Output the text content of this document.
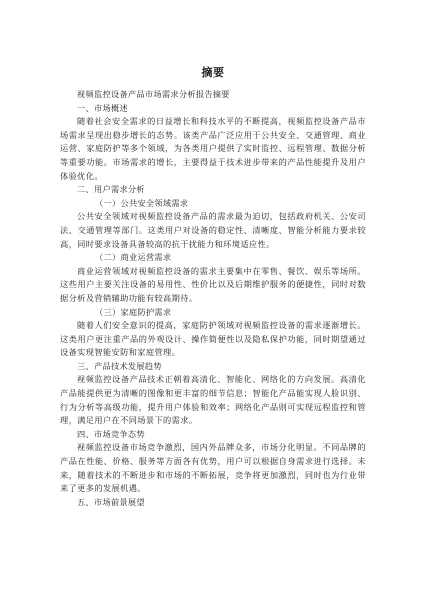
摘要
视频监控设备产品市场需求分析报告摘要
一、市场概述

随着社会安全需求的日益增长和科技水平的不断提高，视频监控设备产品市场需求呈现出稳步增长的态势。该类产品广泛应用于公共安全、交通管理、商业运营、家庭防护等多个领域，为各类用户提供了实时监控、远程管理、数据分析等重要功能。市场需求的增长，主要得益于技术进步带来的产品性能提升及用户体验优化。

二、用户需求分析
（一）公共安全领域需求

公共安全领域对视频监控设备产品的需求最为迫切，包括政府机关、公安司法、交通管理等部门。这类用户对设备的稳定性、清晰度、智能分析能力要求较高，同时要求设备具备较高的抗干扰能力和环境适应性。

（二）商业运营需求

商业运营领域对视频监控设备的需求主要集中在零售、餐饮、娱乐等场所。这些用户主要关注设备的易用性、性价比以及后期维护服务的便捷性，同时对数据分析及营销辅助功能有较高期待。

（三）家庭防护需求

随着人们安全意识的提高，家庭防护领域对视频监控设备的需求逐渐增长。这类用户更注重产品的外观设计、操作简便性以及隐私保护功能，同时期望通过设备实现智能安防和家庭管理。

三、产品技术发展趋势

视频监控设备产品技术正朝着高清化、智能化、网络化的方向发展。高清化产品能提供更为清晰的图像和更丰富的细节信息；智能化产品能实现人脸识别、行为分析等高级功能，提升用户体验和效率；网络化产品则可实现远程监控和管理，满足用户在不同场景下的需求。

四、市场竞争态势

视频监控设备市场竞争激烈，国内外品牌众多，市场分化明显。不同品牌的产品在性能、价格、服务等方面各有优势，用户可以根据自身需求进行选择。未来，随着技术的不断进步和市场的不断拓展，竞争将更加激烈，同时也为行业带来了更多的发展机遇。

五、市场前景展望
